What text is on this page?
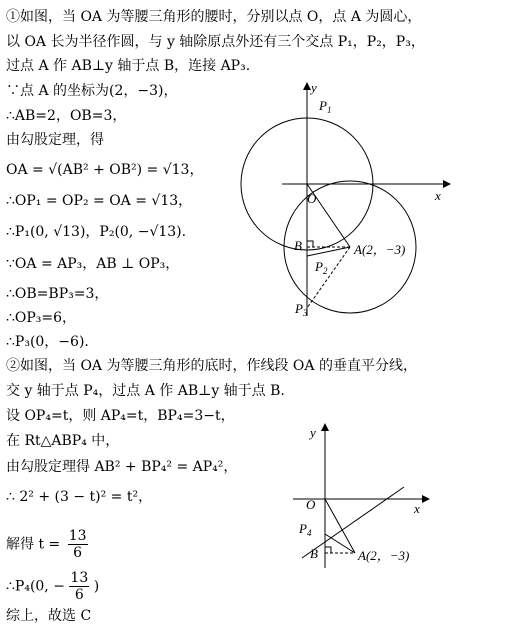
①如图，当 OA 为等腰三角形的腰时，分别以点 O，点 A 为圆心，
以 OA 长为半径作圆，与 y 轴除原点外还有三个交点 P₁，P₂，P₃，
过点 A 作 AB⊥y 轴于点 B，连接 AP₃.
∵点 A 的坐标为(2，−3)，
∴AB=2，OB=3，
由勾股定理，得
OA = √(AB² + OB²) = √13，
∴OP₁ = OP₂ = OA = √13，
∴P₁(0, √13)，P₂(0, −√13).
∵OA = AP₃，AB ⊥ OP₃，
∴OB=BP₃=3，
∴OP₃=6，
∴P₃(0，−6).
②如图，当 OA 为等腰三角形的底时，作线段 OA 的垂直平分线，
交 y 轴于点 P₄，过点 A 作 AB⊥y 轴于点 B.
设 OP₄=t，则 AP₄=t，BP₄=3−t，
在 Rt△ABP₄ 中，
由勾股定理得 AB² + BP₄² = AP₄²，
∴ 2² + (3 − t)² = t²，
解得 $t = \frac{13}{6}$
∴P₄(0, − $\frac{13}{6}$ )
综上，故选 C
y
x
O
$P_1$
B	A(2，−3)
$P_2$
$P_3$
y
x
O
$P_4$
B	A(2，−3)
